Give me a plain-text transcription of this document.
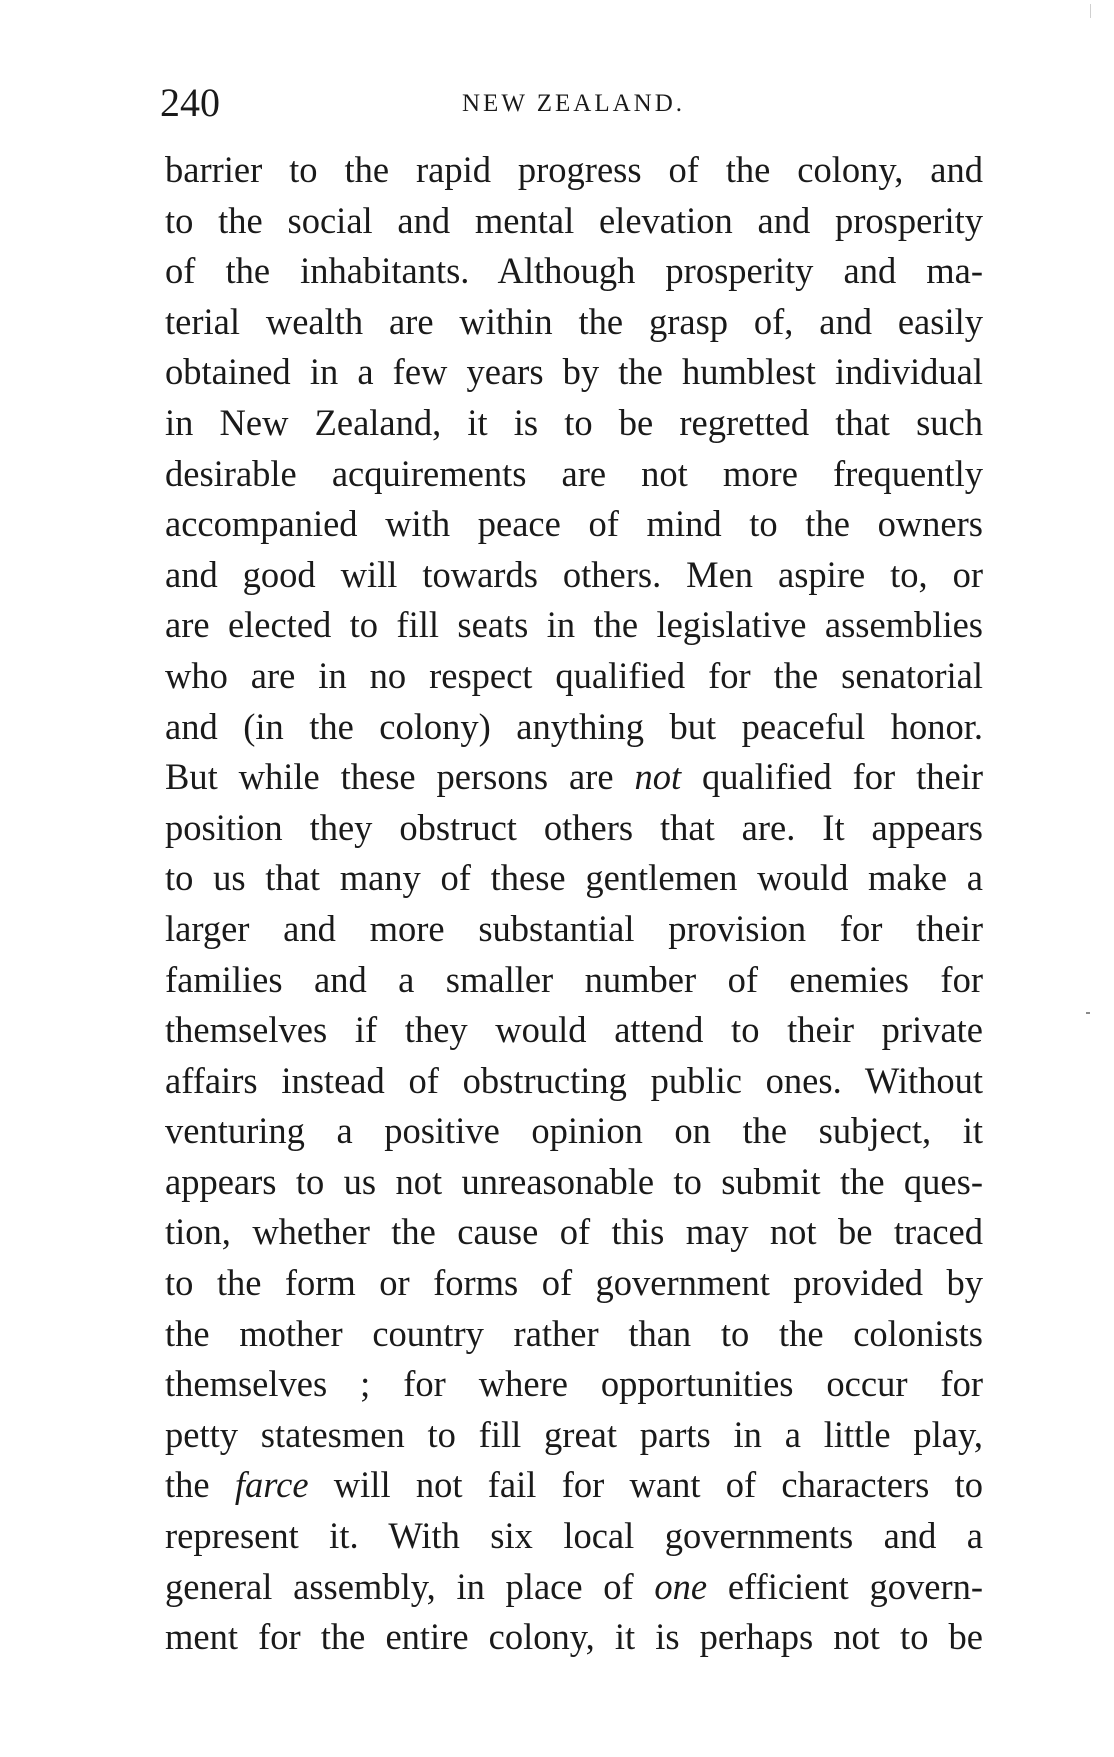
240	NEW ZEALAND.
barrier to the rapid progress of the colony, and
to the social and mental elevation and prosperity
of the inhabitants. Although prosperity and ma-
terial wealth are within the grasp of, and easily
obtained in a few years by the humblest individual
in New Zealand, it is to be regretted that such
desirable acquirements are not more frequently
accompanied with peace of mind to the owners
and good will towards others. Men aspire to, or
are elected to fill seats in the legislative assemblies
who are in no respect qualified for the senatorial
and (in the colony) anything but peaceful honor.
But while these persons are not qualified for their
position they obstruct others that are. It appears
to us that many of these gentlemen would make a
larger and more substantial provision for their
families and a smaller number of enemies for
themselves if they would attend to their private
affairs instead of obstructing public ones. Without
venturing a positive opinion on the subject, it
appears to us not unreasonable to submit the ques-
tion, whether the cause of this may not be traced
to the form or forms of government provided by
the mother country rather than to the colonists
themselves ; for where opportunities occur for
petty statesmen to fill great parts in a little play,
the farce will not fail for want of characters to
represent it. With six local governments and a
general assembly, in place of one efficient govern-
ment for the entire colony, it is perhaps not to be
